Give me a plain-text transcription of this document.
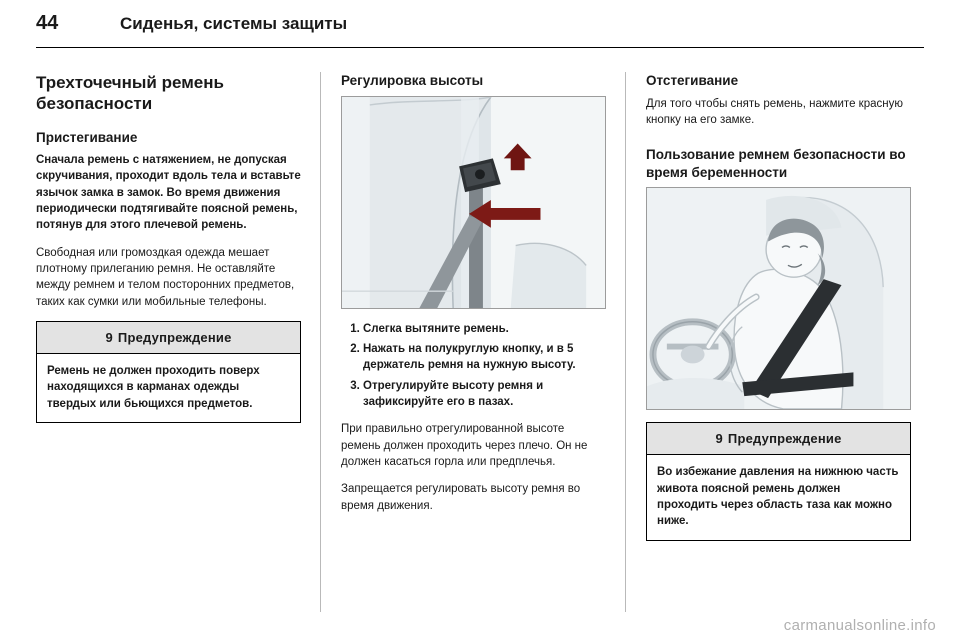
44	Сиденья, системы защиты
Трехточечный ремень безопасности
Пристегивание

Сначала ремень с натяжением, не допуская скручивания, проходит вдоль тела и вставьте язычок замка в замок. Во время движения периодически подтягивайте поясной ремень, потянув для этого плечевой ремень.

Свободная или громоздкая одежда мешает плотному прилеганию ремня. Не оставляйте между ремнем и телом посторонних предметов, таких как сумки или мобильные телефоны.

9 Предупреждение
Ремень не должен проходить поверх находящихся в карманах одежды твердых или бьющихся предметов.
Регулировка высоты
1. Слегка вытяните ремень.
2. Нажать на полукруглую кнопку, и в 5 держатель ремня на нужную высоту.
3. Отрегулируйте высоту ремня и зафиксируйте его в пазах.

При правильно отрегулированной высоте ремень должен проходить через плечо. Он не должен касаться горла или предплечья.

Запрещается регулировать высоту ремня во время движения.

Отстегивание

Для того чтобы снять ремень, нажмите красную кнопку на его замке.

Пользование ремнем безопасности во время беременности
9 Предупреждение
Во избежание давления на нижнюю часть живота поясной ремень должен проходить через область таза как можно ниже.
carmanualsonline.info
